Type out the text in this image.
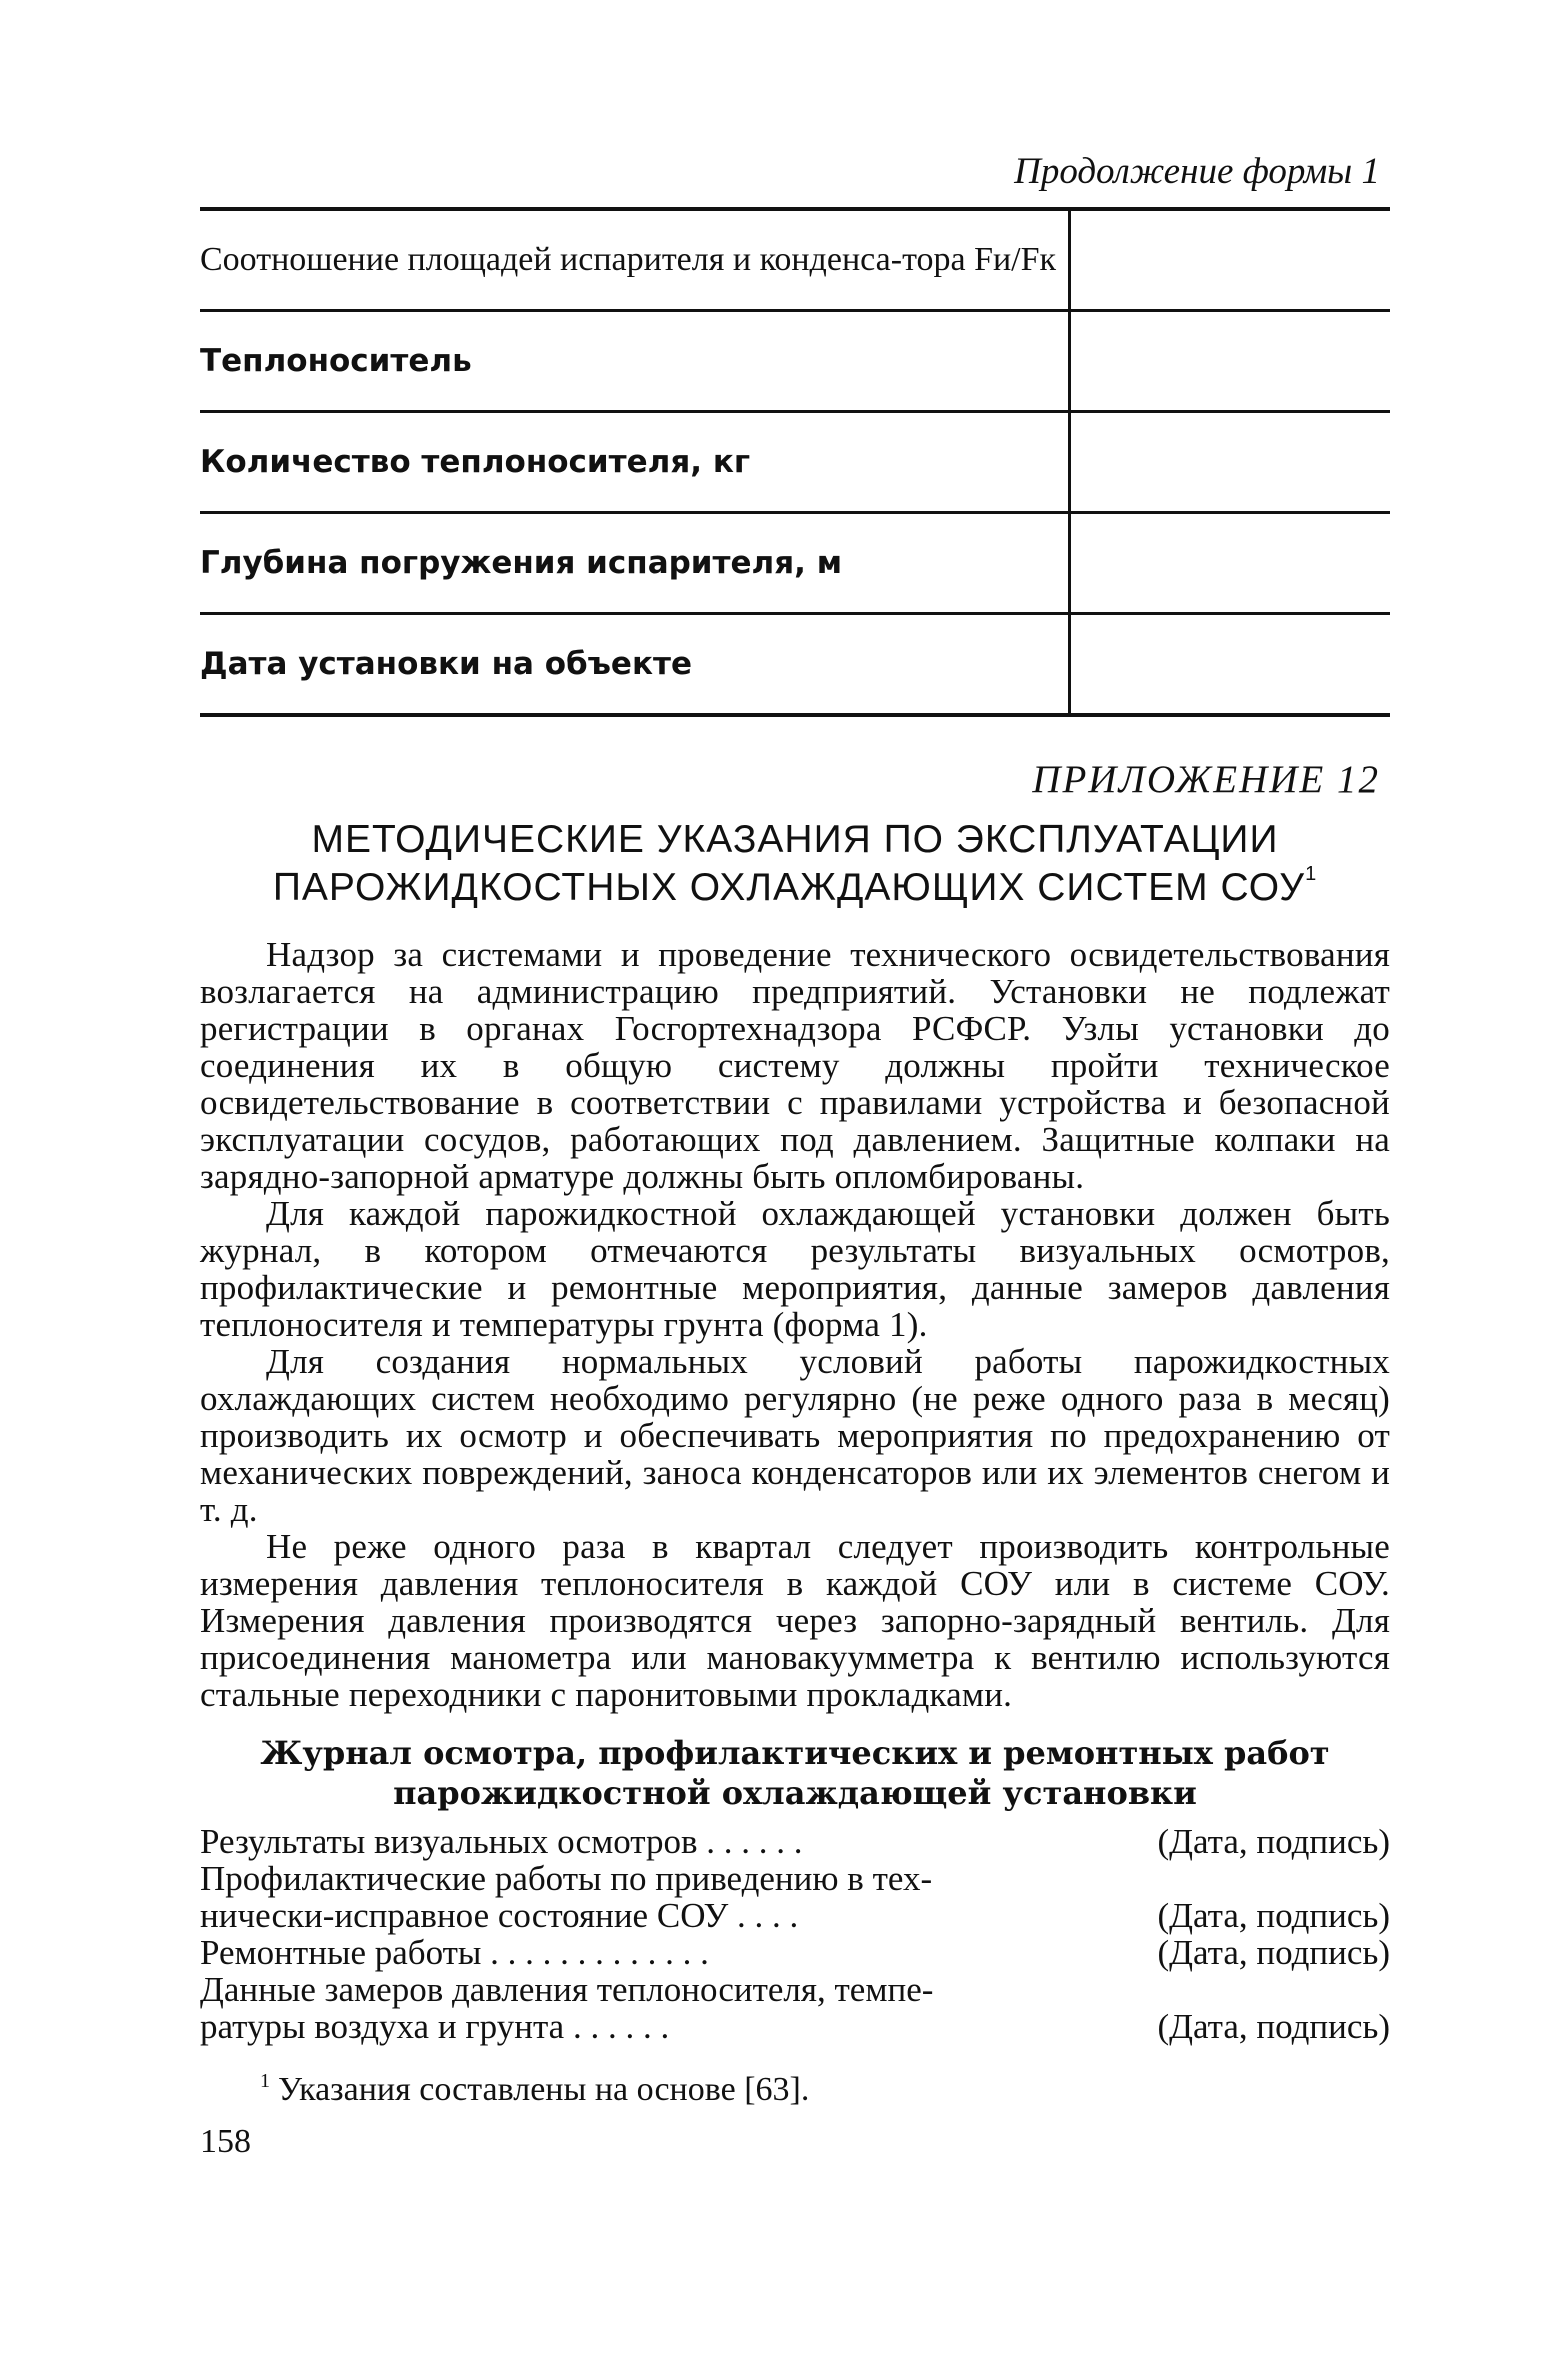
Продолжение формы 1
Соотношение площадей испарителя и конденса-тора Fи/Fк	
Теплоноситель	
Количество теплоносителя, кг	
Глубина погружения испарителя, м	
Дата установки на объекте	
ПРИЛОЖЕНИЕ 12
МЕТОДИЧЕСКИЕ УКАЗАНИЯ ПО ЭКСПЛУАТАЦИИ
ПАРОЖИДКОСТНЫХ ОХЛАЖДАЮЩИХ СИСТЕМ СОУ$^1$

Надзор за системами и проведение технического освидетельствования возлагается на администрацию предприятий. Установки не подлежат регистрации в органах Госгортехнадзора РСФСР. Узлы установки до соединения их в общую систему должны пройти техническое освидетельствование в соответствии с правилами устройства и безопасной эксплуатации сосудов, работающих под давлением. Защитные колпаки на зарядно-запорной арматуре должны быть опломбированы.

Для каждой парожидкостной охлаждающей установки должен быть журнал, в котором отмечаются результаты визуальных осмотров, профилактические и ремонтные мероприятия, данные замеров давления теплоносителя и температуры грунта (форма 1).

Для создания нормальных условий работы парожидкостных охлаждающих систем необходимо регулярно (не реже одного раза в месяц) производить их осмотр и обеспечивать мероприятия по предохранению от механических повреждений, заноса конденсаторов или их элементов снегом и т. д.

Не реже одного раза в квартал следует производить контрольные измерения давления теплоносителя в каждой СОУ или в системе СОУ. Измерения давления производятся через запорно-зарядный вентиль. Для присоединения манометра или мановакуумметра к вентилю используются стальные переходники с паронитовыми прокладками.

Журнал осмотра, профилактических и ремонтных работ
парожидкостной охлаждающей установки
Результаты визуальных осмотров . . . . . .	(Дата, подпись)
Профилактические работы по приведению в тех-
нически-исправное состояние СОУ . . . .	(Дата, подпись)
Ремонтные работы . . . . . . . . . . . . .	(Дата, подпись)
Данные замеров давления теплоносителя, темпе-
ратуры воздуха и грунта . . . . . .	(Дата, подпись)
$^1$ Указания составлены на основе [63].
158
